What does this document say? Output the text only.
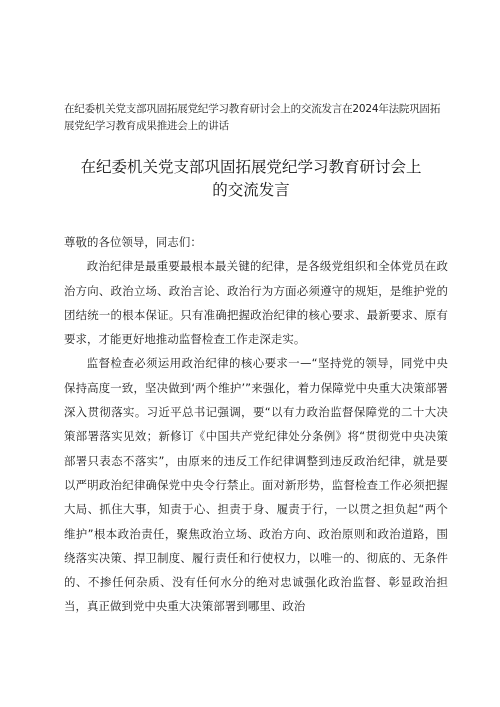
在纪委机关党支部巩固拓展党纪学习教育研讨会上的交流发言在2024年法院巩固拓展党纪学习教育成果推进会上的讲话
在纪委机关党支部巩固拓展党纪学习教育研讨会上的交流发言

尊敬的各位领导，同志们：

政治纪律是最重要最根本最关键的纪律，是各级党组织和全体党员在政治方向、政治立场、政治言论、政治行为方面必须遵守的规矩，是维护党的团结统一的根本保证。只有准确把握政治纪律的核心要求、最新要求、原有要求，才能更好地推动监督检查工作走深走实。

监督检查必须运用政治纪律的核心要求一—“坚持党的领导，同党中央保持高度一致，坚决做到‘两个维护’”来强化，着力保障党中央重大决策部署深入贯彻落实。习近平总书记强调，要“以有力政治监督保障党的二十大决策部署落实见效；新修订《中国共产党纪律处分条例》将“贯彻党中央决策部署只表态不落实”，由原来的违反工作纪律调整到违反政治纪律，就是要以严明政治纪律确保党中央令行禁止。面对新形势，监督检查工作必须把握大局、抓住大事，知责于心、担责于身、履责于行，一以贯之担负起“两个维护”根本政治责任，聚焦政治立场、政治方向、政治原则和政治道路，围绕落实决策、捍卫制度、履行责任和行使权力，以唯一的、彻底的、无条件的、不掺任何杂质、没有任何水分的绝对忠诚强化政治监督、彰显政治担当，真正做到党中央重大决策部署到哪里、政治
